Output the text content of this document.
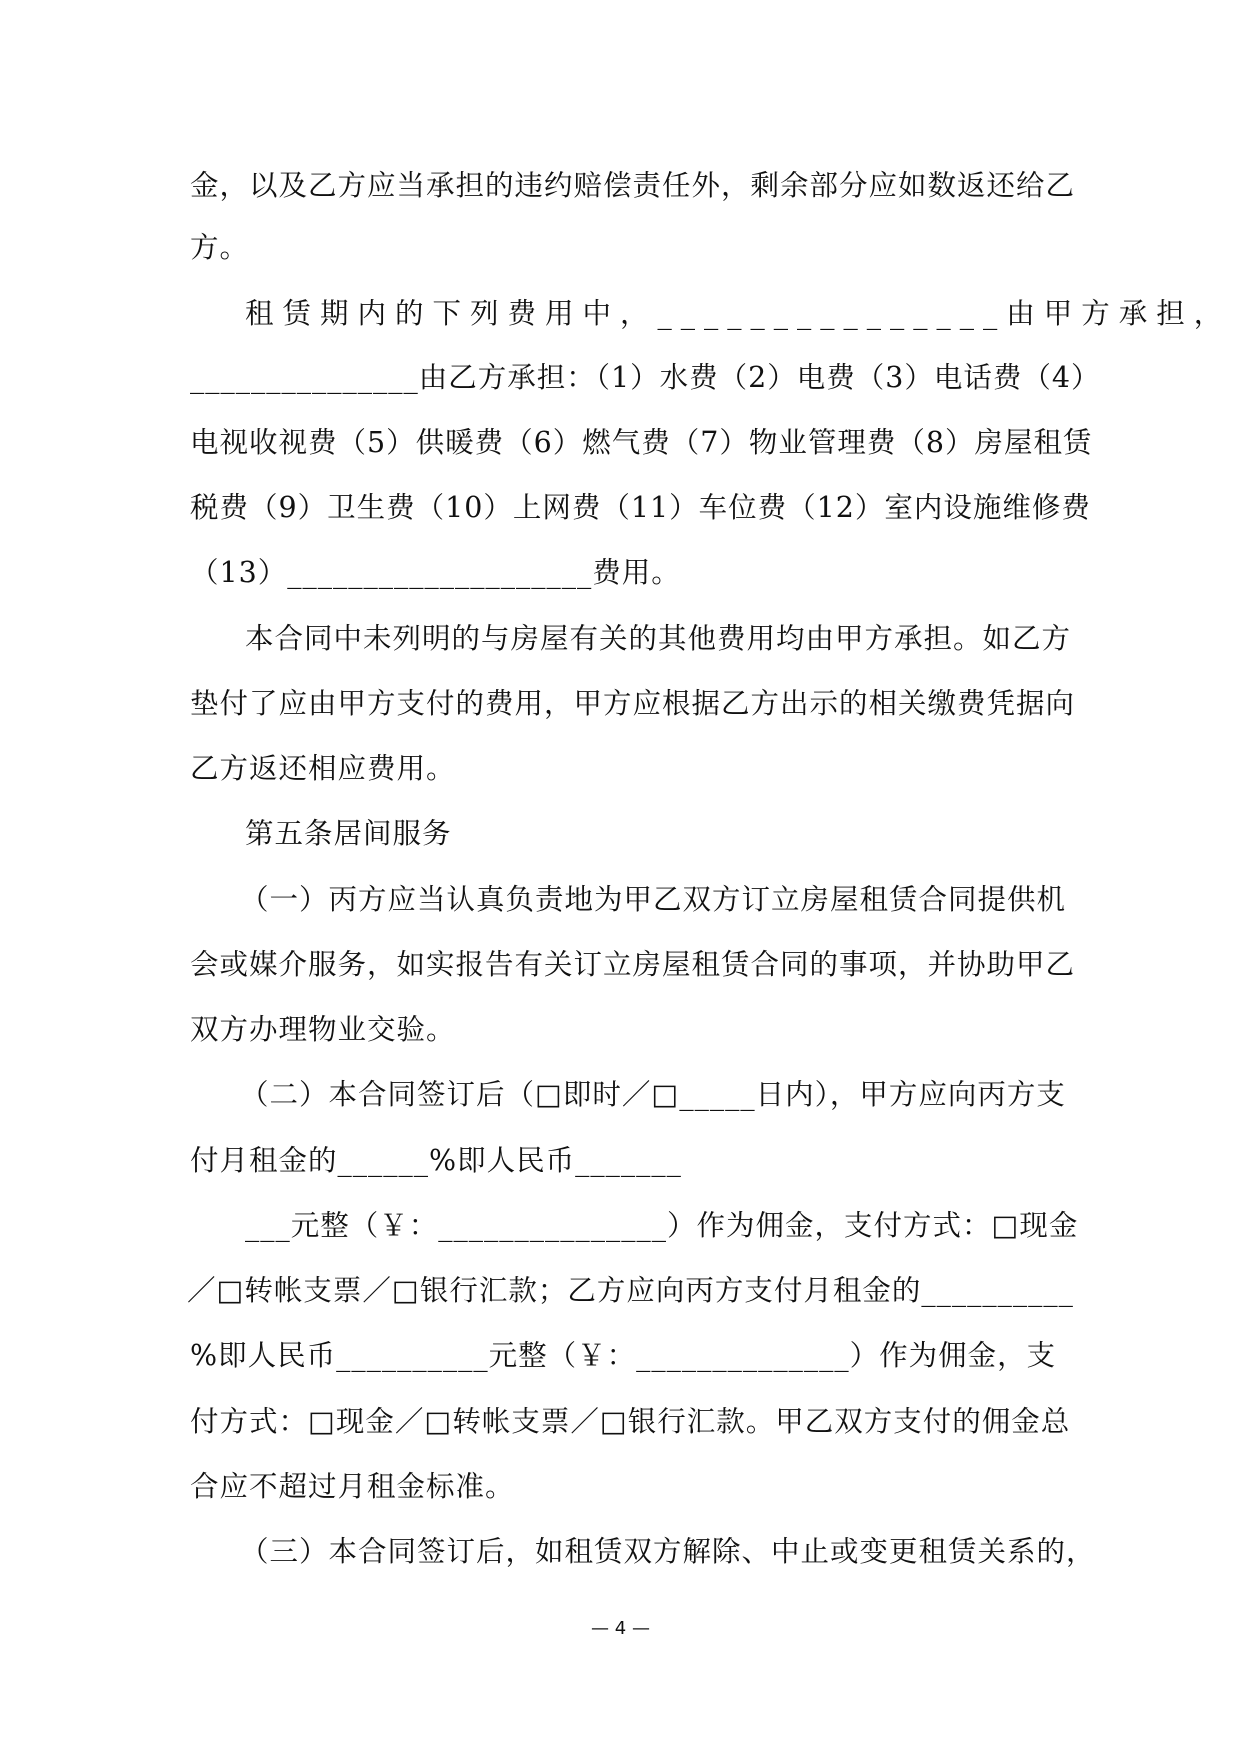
金，以及乙方应当承担的违约赔偿责任外，剩余部分应如数返还给乙
方。
租赁期内的下列费用中，_______________由甲方承担，
_______________由乙方承担：（1）水费（2）电费（3）电话费（4）
电视收视费（5）供暖费（6）燃气费（7）物业管理费（8）房屋租赁
税费（9）卫生费（10）上网费（11）车位费（12）室内设施维修费
（13）____________________费用。
本合同中未列明的与房屋有关的其他费用均由甲方承担。如乙方
垫付了应由甲方支付的费用，甲方应根据乙方出示的相关缴费凭据向
乙方返还相应费用。
第五条居间服务
（一）丙方应当认真负责地为甲乙双方订立房屋租赁合同提供机
会或媒介服务，如实报告有关订立房屋租赁合同的事项，并协助甲乙
双方办理物业交验。
（二）本合同签订后（□即时／□_____日内），甲方应向丙方支
付月租金的______%即人民币_______
___元整（￥：_______________）作为佣金，支付方式：□现金
／□转帐支票／□银行汇款；乙方应向丙方支付月租金的__________
%即人民币__________元整（￥：______________）作为佣金，支
付方式：□现金／□转帐支票／□银行汇款。甲乙双方支付的佣金总
合应不超过月租金标准。
（三）本合同签订后，如租赁双方解除、中止或变更租赁关系的，
— 4 —
